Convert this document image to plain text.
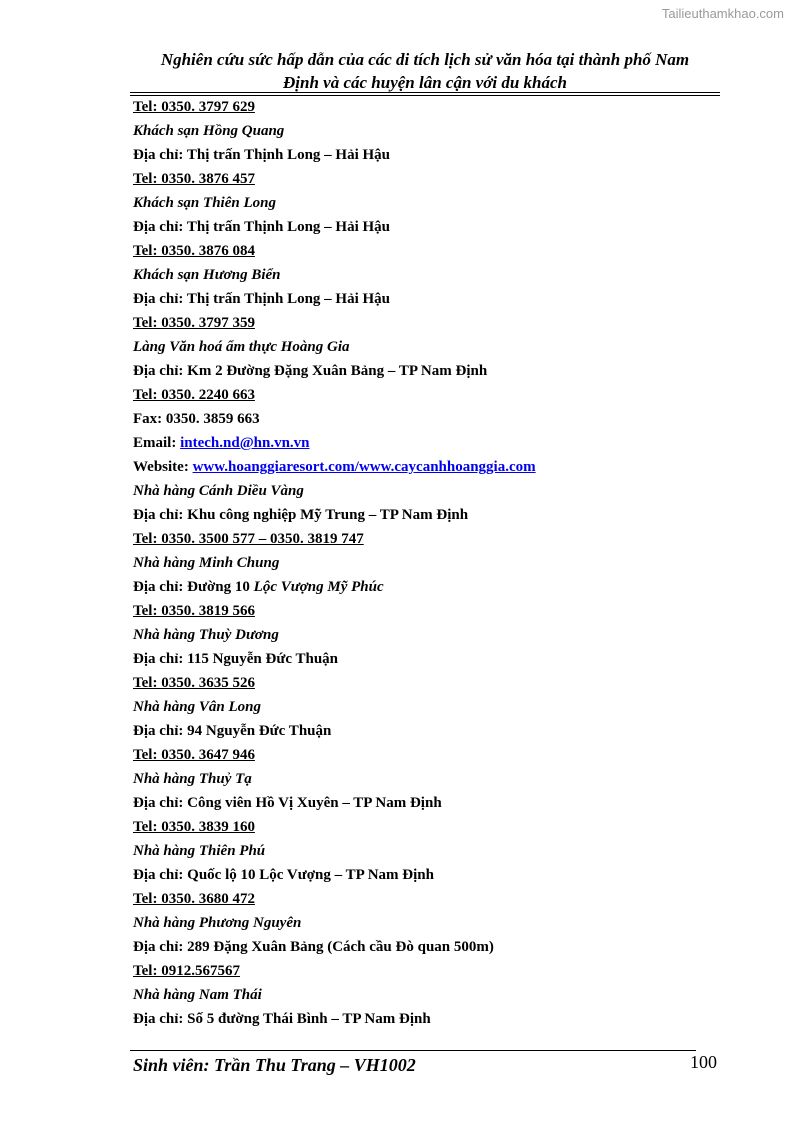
Tailieuthamkhao.com
Nghiên cứu sức hấp dẫn của các di tích lịch sử văn hóa tại thành phố Nam
Định và các huyện lân cận với du khách
Tel: 0350. 3797 629
Khách sạn Hồng Quang
Địa chỉ: Thị trấn Thịnh Long – Hải Hậu
Tel: 0350. 3876 457
Khách sạn Thiên Long
Địa chỉ: Thị trấn Thịnh Long – Hải Hậu
Tel: 0350. 3876 084
Khách sạn Hương Biển
Địa chỉ: Thị trấn Thịnh Long – Hải Hậu
Tel: 0350. 3797 359
Làng Văn hoá ẩm thực Hoàng Gia
Địa chỉ: Km 2 Đường Đặng Xuân Bảng – TP Nam Định
Tel: 0350. 2240 663
Fax: 0350. 3859 663
Email: intech.nd@hn.vn.vn
Website: www.hoanggiaresort.com/www.caycanhhoanggia.com
Nhà hàng Cánh Diều Vàng
Địa chỉ: Khu công nghiệp Mỹ Trung – TP Nam Định
Tel: 0350. 3500 577 – 0350. 3819 747
Nhà hàng Minh Chung
Địa chỉ: Đường 10 Lộc Vượng Mỹ Phúc
Tel: 0350. 3819 566
Nhà hàng Thuỳ Dương
Địa chỉ: 115 Nguyễn Đức Thuận
Tel: 0350. 3635 526
Nhà hàng Vân Long
Địa chỉ: 94 Nguyễn Đức Thuận
Tel: 0350. 3647 946
Nhà hàng Thuỷ Tạ
Địa chỉ: Công viên Hồ Vị Xuyên – TP Nam Định
Tel: 0350. 3839 160
Nhà hàng Thiên Phú
Địa chỉ: Quốc lộ 10 Lộc Vượng – TP Nam Định
Tel: 0350. 3680 472
Nhà hàng Phương Nguyên
Địa chỉ: 289 Đặng Xuân Bảng (Cách cầu Đò quan 500m)
Tel: 0912.567567
Nhà hàng Nam Thái
Địa chỉ: Số 5 đường Thái Bình – TP Nam Định
Sinh viên: Trần Thu Trang – VH1002	100
